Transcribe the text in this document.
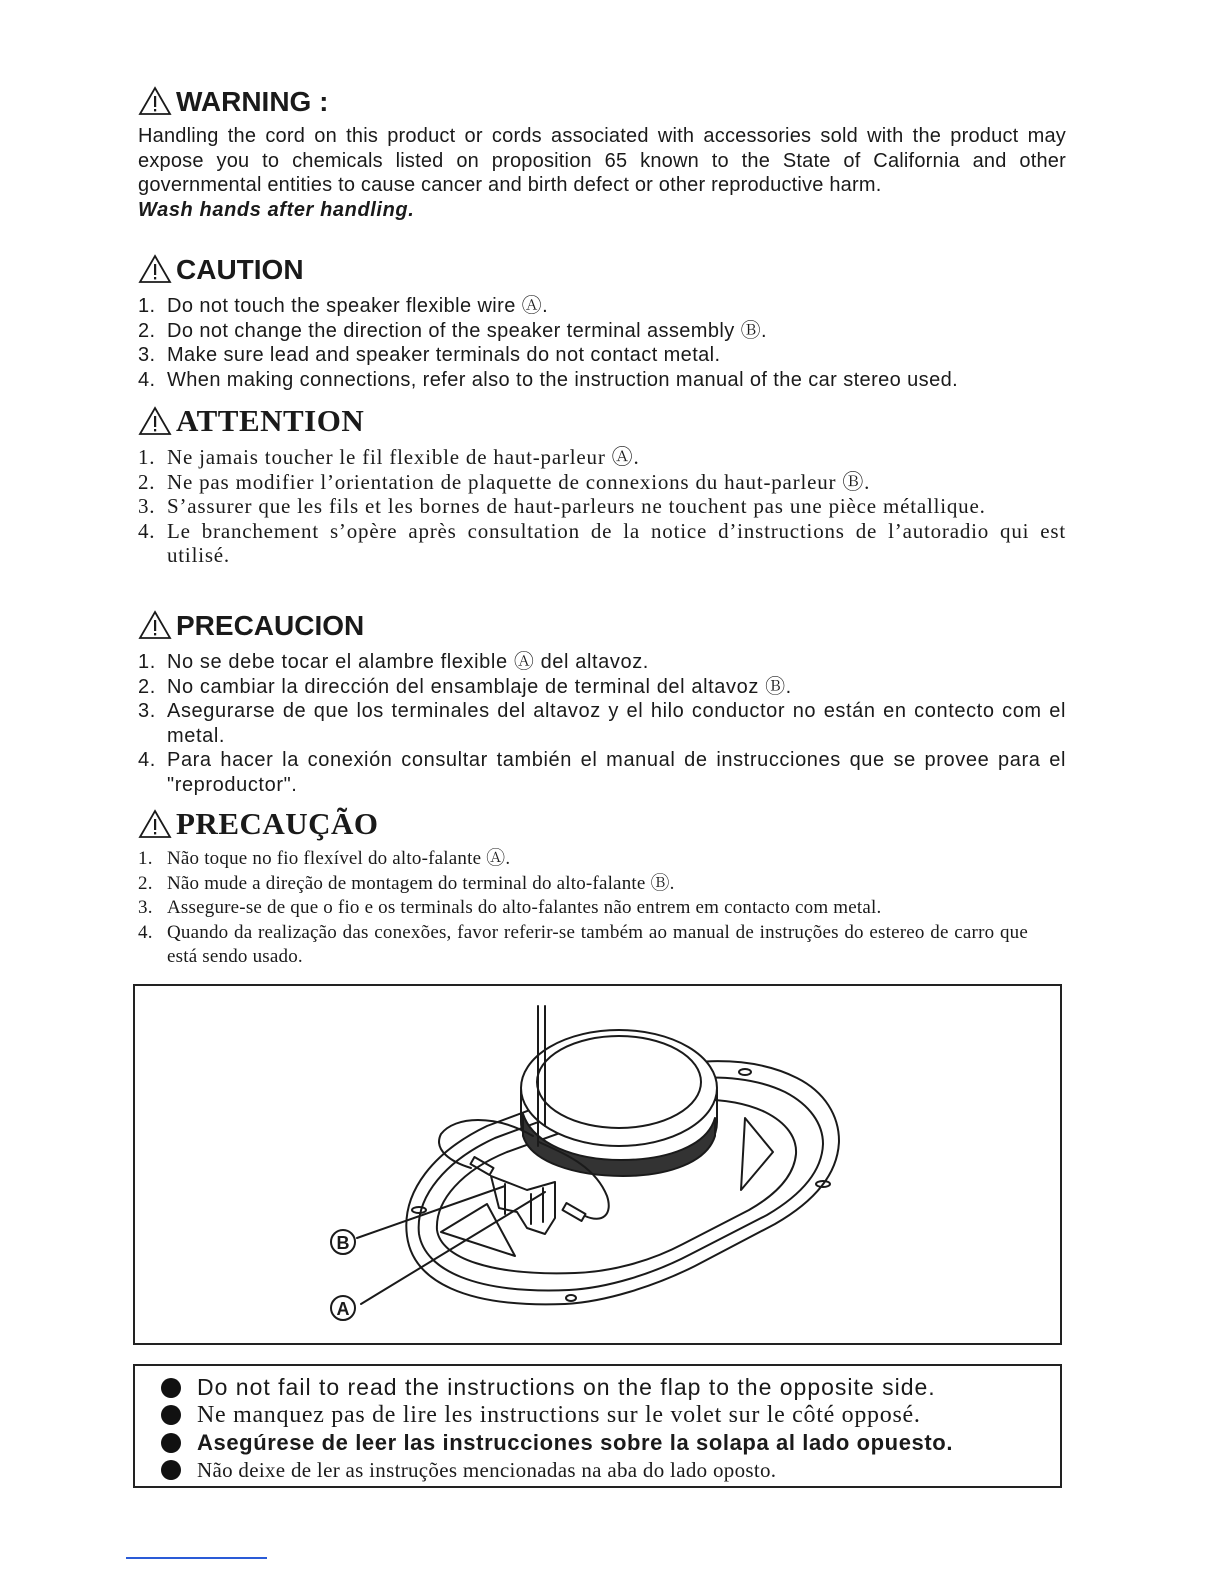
WARNING :

Handling the cord on this product or cords associated with accessories sold with the product may expose you to chemicals listed on proposition 65 known to the State of California and other governmental entities to cause cancer and birth defect or other reproductive harm.
Wash hands after handling.

CAUTION
1. Do not touch the speaker flexible wire Ⓐ.
2. Do not change the direction of the speaker terminal assembly Ⓑ.
3. Make sure lead and speaker terminals do not contact metal.
4. When making connections, refer also to the instruction manual of the car stereo used.
ATTENTION
1. Ne jamais toucher le fil flexible de haut-parleur Ⓐ.
2. Ne pas modifier l’orientation de plaquette de connexions du haut-parleur Ⓑ.
3. S’assurer que les fils et les bornes de haut-parleurs ne touchent pas une pièce métallique.
4. Le branchement s’opère après consultation de la notice d’instructions de l’autoradio qui est utilisé.
PRECAUCION
1. No se debe tocar el alambre flexible Ⓐ del altavoz.
2. No cambiar la dirección del ensamblaje de terminal del altavoz Ⓑ.
3. Asegurarse de que los terminales del altavoz y el hilo conductor no están en contecto com el metal.
4. Para hacer la conexión consultar también el manual de instrucciones que se provee para el "reproductor".
PRECAUÇÃO
1. Não toque no fio flexível do alto-falante Ⓐ.
2. Não mude a direção de montagem do terminal do alto-falante Ⓑ.
3. Assegure-se de que o fio e os terminals do alto-falantes não entrem em contacto com metal.
4. Quando da realização das conexões, favor referir-se também ao manual de instruções do estereo de carro que está sendo usado.
B
A
Do not fail to read the instructions on the flap to the opposite side.
Ne manquez pas de lire les instructions sur le volet sur le côté opposé.
Asegúrese de leer las instrucciones sobre la solapa al lado opuesto.
Não deixe de ler as instruções mencionadas na aba do lado oposto.
